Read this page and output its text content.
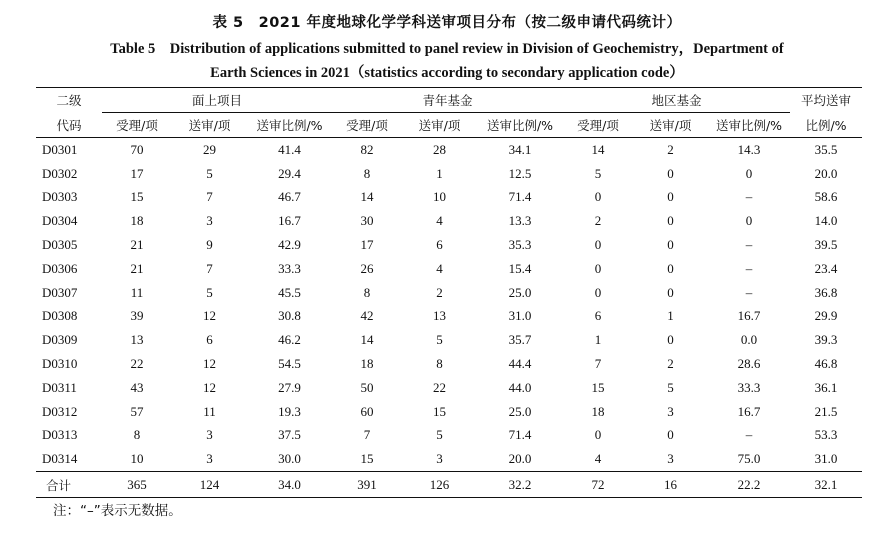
表 5　2021 年度地球化学学科送审项目分布（按二级申请代码统计）
Table 5　Distribution of applications submitted to panel review in Division of Geochemistry，Department of
Earth Sciences in 2021（statistics according to secondary application code）
二级	面上项目			青年基金			地区基金			平均送审
代码	受理/项	送审/项	送审比例/%	受理/项	送审/项	送审比例/%	受理/项	送审/项	送审比例/%	比例/%
D0301	70	29	41.4	82	28	34.1	14	2	14.3	35.5
D0302	17	5	29.4	8	1	12.5	5	0	0	20.0
D0303	15	7	46.7	14	10	71.4	0	0	–	58.6
D0304	18	3	16.7	30	4	13.3	2	0	0	14.0
D0305	21	9	42.9	17	6	35.3	0	0	–	39.5
D0306	21	7	33.3	26	4	15.4	0	0	–	23.4
D0307	11	5	45.5	8	2	25.0	0	0	–	36.8
D0308	39	12	30.8	42	13	31.0	6	1	16.7	29.9
D0309	13	6	46.2	14	5	35.7	1	0	0.0	39.3
D0310	22	12	54.5	18	8	44.4	7	2	28.6	46.8
D0311	43	12	27.9	50	22	44.0	15	5	33.3	36.1
D0312	57	11	19.3	60	15	25.0	18	3	16.7	21.5
D0313	8	3	37.5	7	5	71.4	0	0	–	53.3
D0314	10	3	30.0	15	3	20.0	4	3	75.0	31.0
合计	365	124	34.0	391	126	32.2	72	16	22.2	32.1
注：“–”表示无数据。
